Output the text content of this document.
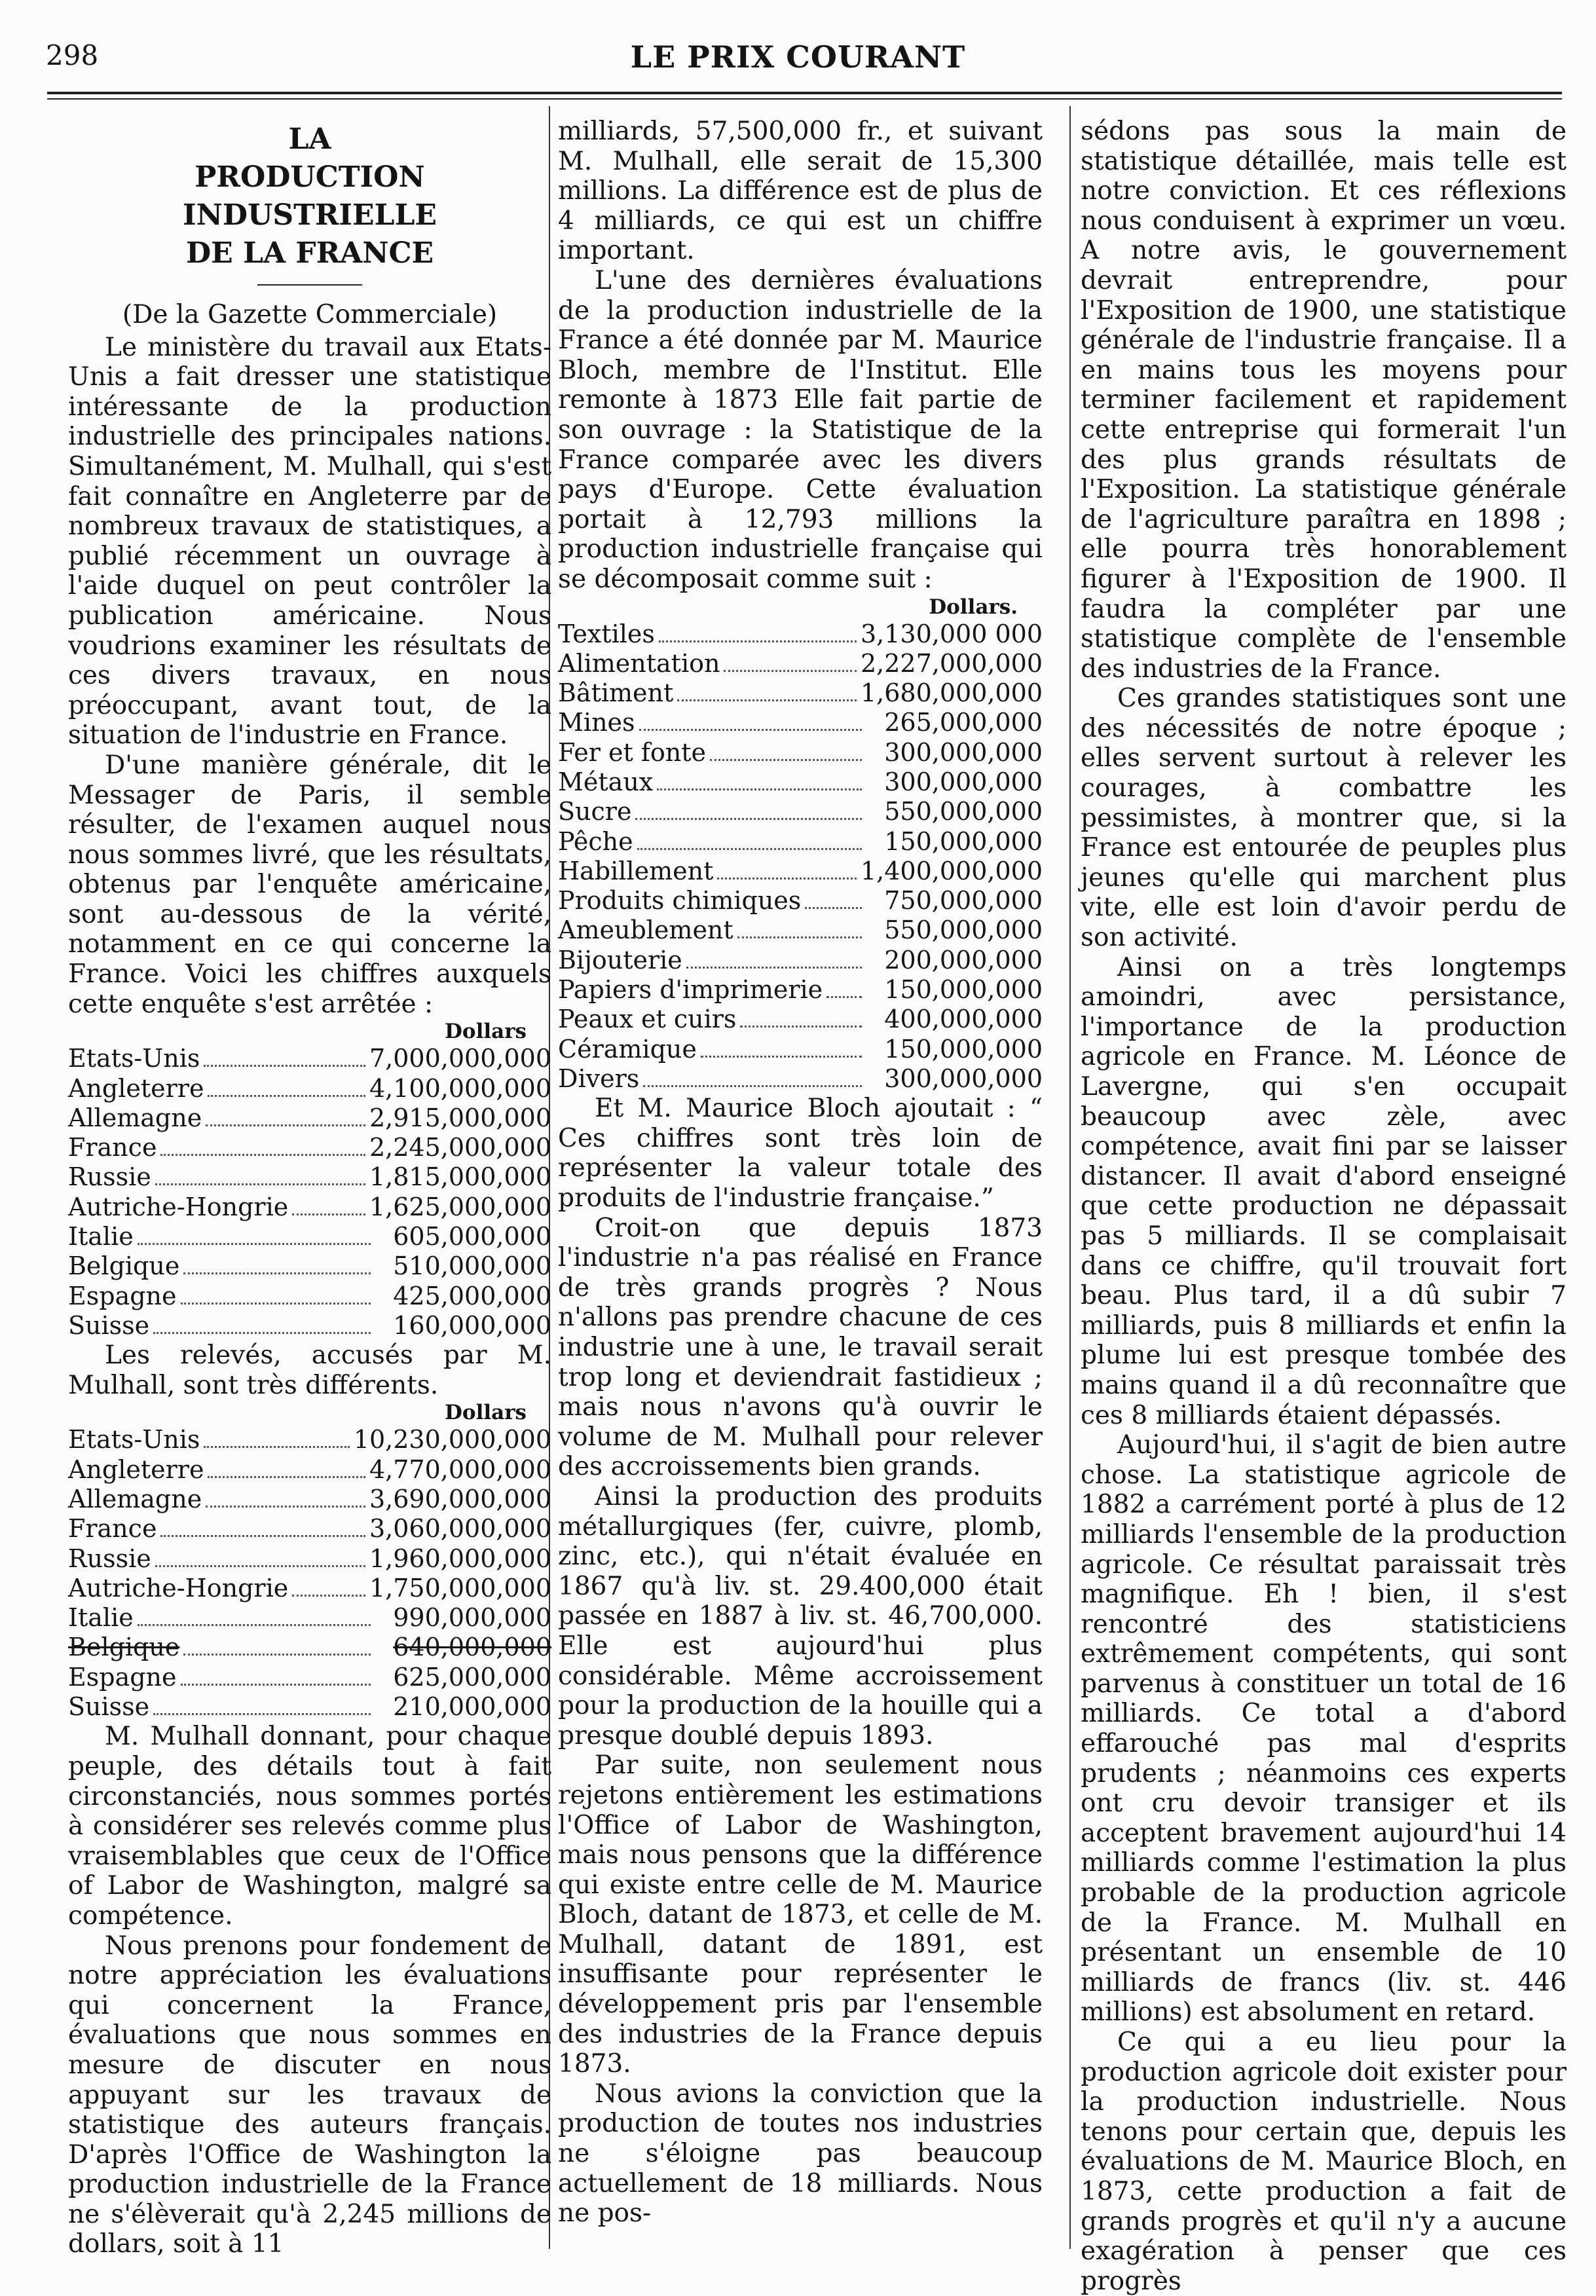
298	LE PRIX COURANT
LA
PRODUCTION INDUSTRIELLE
DE LA FRANCE
(De la Gazette Commerciale)

Le ministère du travail aux Etats-Unis a fait dresser une statistique intéressante de la production industrielle des principales nations. Simultanément, M. Mulhall, qui s'est fait connaître en Angleterre par de nombreux travaux de statistiques, a publié récemment un ouvrage à l'aide duquel on peut contrôler la publication américaine. Nous voudrions examiner les résultats de ces divers travaux, en nous préoccupant, avant tout, de la situation de l'industrie en France.

D'une manière générale, dit le Messager de Paris, il semble résulter, de l'examen auquel nous nous sommes livré, que les résultats, obtenus par l'enquête américaine, sont au-dessous de la vérité, notamment en ce qui concerne la France. Voici les chiffres auxquels cette enquête s'est arrêtée :

Dollars
Etats-Unis	7,000,000,000
Angleterre	4,100,000,000
Allemagne	2,915,000,000
France	2,245,000,000
Russie	1,815,000,000
Autriche-Hongrie	1,625,000,000
Italie	605,000,000
Belgique	510,000,000
Espagne	425,000,000
Suisse	160,000,000

Les relevés, accusés par M. Mulhall, sont très différents.

Dollars
Etats-Unis	10,230,000,000
Angleterre	4,770,000,000
Allemagne	3,690,000,000
France	3,060,000,000
Russie	1,960,000,000
Autriche-Hongrie	1,750,000,000
Italie	990,000,000
Belgique	640,000,000
Espagne	625,000,000
Suisse	210,000,000

M. Mulhall donnant, pour chaque peuple, des détails tout à fait circonstanciés, nous sommes portés à considérer ses relevés comme plus vraisemblables que ceux de l'Office of Labor de Washington, malgré sa compétence.

Nous prenons pour fondement de notre appréciation les évaluations qui concernent la France, évaluations que nous sommes en mesure de discuter en nous appuyant sur les travaux de statistique des auteurs français. D'après l'Office de Washington la production industrielle de la France ne s'élèverait qu'à 2,245 millions de dollars, soit à 11

milliards, 57,500,000 fr., et suivant M. Mulhall, elle serait de 15,300 millions. La différence est de plus de 4 milliards, ce qui est un chiffre important.

L'une des dernières évaluations de la production industrielle de la France a été donnée par M. Maurice Bloch, membre de l'Institut. Elle remonte à 1873 Elle fait partie de son ouvrage : la Statistique de la France comparée avec les divers pays d'Europe. Cette évaluation portait à 12,793 millions la production industrielle française qui se décomposait comme suit :

Dollars.
Textiles	3,130,000 000
Alimentation	2,227,000,000
Bâtiment	1,680,000,000
Mines	265,000,000
Fer et fonte	300,000,000
Métaux	300,000,000
Sucre	550,000,000
Pêche	150,000,000
Habillement	1,400,000,000
Produits chimiques	750,000,000
Ameublement	550,000,000
Bijouterie	200,000,000
Papiers d'imprimerie	150,000,000
Peaux et cuirs	400,000,000
Céramique	150,000,000
Divers	300,000,000

Et M. Maurice Bloch ajoutait : “ Ces chiffres sont très loin de représenter la valeur totale des produits de l'industrie française.”

Croit-on que depuis 1873 l'industrie n'a pas réalisé en France de très grands progrès ? Nous n'allons pas prendre chacune de ces industrie une à une, le travail serait trop long et deviendrait fastidieux ; mais nous n'avons qu'à ouvrir le volume de M. Mulhall pour relever des accroissements bien grands.

Ainsi la production des produits métallurgiques (fer, cuivre, plomb, zinc, etc.), qui n'était évaluée en 1867 qu'à liv. st. 29.400,000 était passée en 1887 à liv. st. 46,700,000. Elle est aujourd'hui plus considérable. Même accroissement pour la production de la houille qui a presque doublé depuis 1893.

Par suite, non seulement nous rejetons entièrement les estimations l'Office of Labor de Washington, mais nous pensons que la différence qui existe entre celle de M. Maurice Bloch, datant de 1873, et celle de M. Mulhall, datant de 1891, est insuffisante pour représenter le développement pris par l'ensemble des industries de la France depuis 1873.

Nous avions la conviction que la production de toutes nos industries ne s'éloigne pas beaucoup actuellement de 18 milliards. Nous ne pos-

sédons pas sous la main de statistique détaillée, mais telle est notre conviction. Et ces réflexions nous conduisent à exprimer un vœu. A notre avis, le gouvernement devrait entreprendre, pour l'Exposition de 1900, une statistique générale de l'industrie française. Il a en mains tous les moyens pour terminer facilement et rapidement cette entreprise qui formerait l'un des plus grands résultats de l'Exposition. La statistique générale de l'agriculture paraîtra en 1898 ; elle pourra très honorablement figurer à l'Exposition de 1900. Il faudra la compléter par une statistique complète de l'ensemble des industries de la France.

Ces grandes statistiques sont une des nécessités de notre époque ; elles servent surtout à relever les courages, à combattre les pessimistes, à montrer que, si la France est entourée de peuples plus jeunes qu'elle qui marchent plus vite, elle est loin d'avoir perdu de son activité.

Ainsi on a très longtemps amoindri, avec persistance, l'importance de la production agricole en France. M. Léonce de Lavergne, qui s'en occupait beaucoup avec zèle, avec compétence, avait fini par se laisser distancer. Il avait d'abord enseigné que cette production ne dépassait pas 5 milliards. Il se complaisait dans ce chiffre, qu'il trouvait fort beau. Plus tard, il a dû subir 7 milliards, puis 8 milliards et enfin la plume lui est presque tombée des mains quand il a dû reconnaître que ces 8 milliards étaient dépassés.

Aujourd'hui, il s'agit de bien autre chose. La statistique agricole de 1882 a carrément porté à plus de 12 milliards l'ensemble de la production agricole. Ce résultat paraissait très magnifique. Eh ! bien, il s'est rencontré des statisticiens extrêmement compétents, qui sont parvenus à constituer un total de 16 milliards. Ce total a d'abord effarouché pas mal d'esprits prudents ; néanmoins ces experts ont cru devoir transiger et ils acceptent bravement aujourd'hui 14 milliards comme l'estimation la plus probable de la production agricole de la France. M. Mulhall en présentant un ensemble de 10 milliards de francs (liv. st. 446 millions) est absolument en retard.

Ce qui a eu lieu pour la production agricole doit exister pour la production industrielle. Nous tenons pour certain que, depuis les évaluations de M. Maurice Bloch, en 1873, cette production a fait de grands progrès et qu'il n'y a aucune exagération à penser que ces progrès
